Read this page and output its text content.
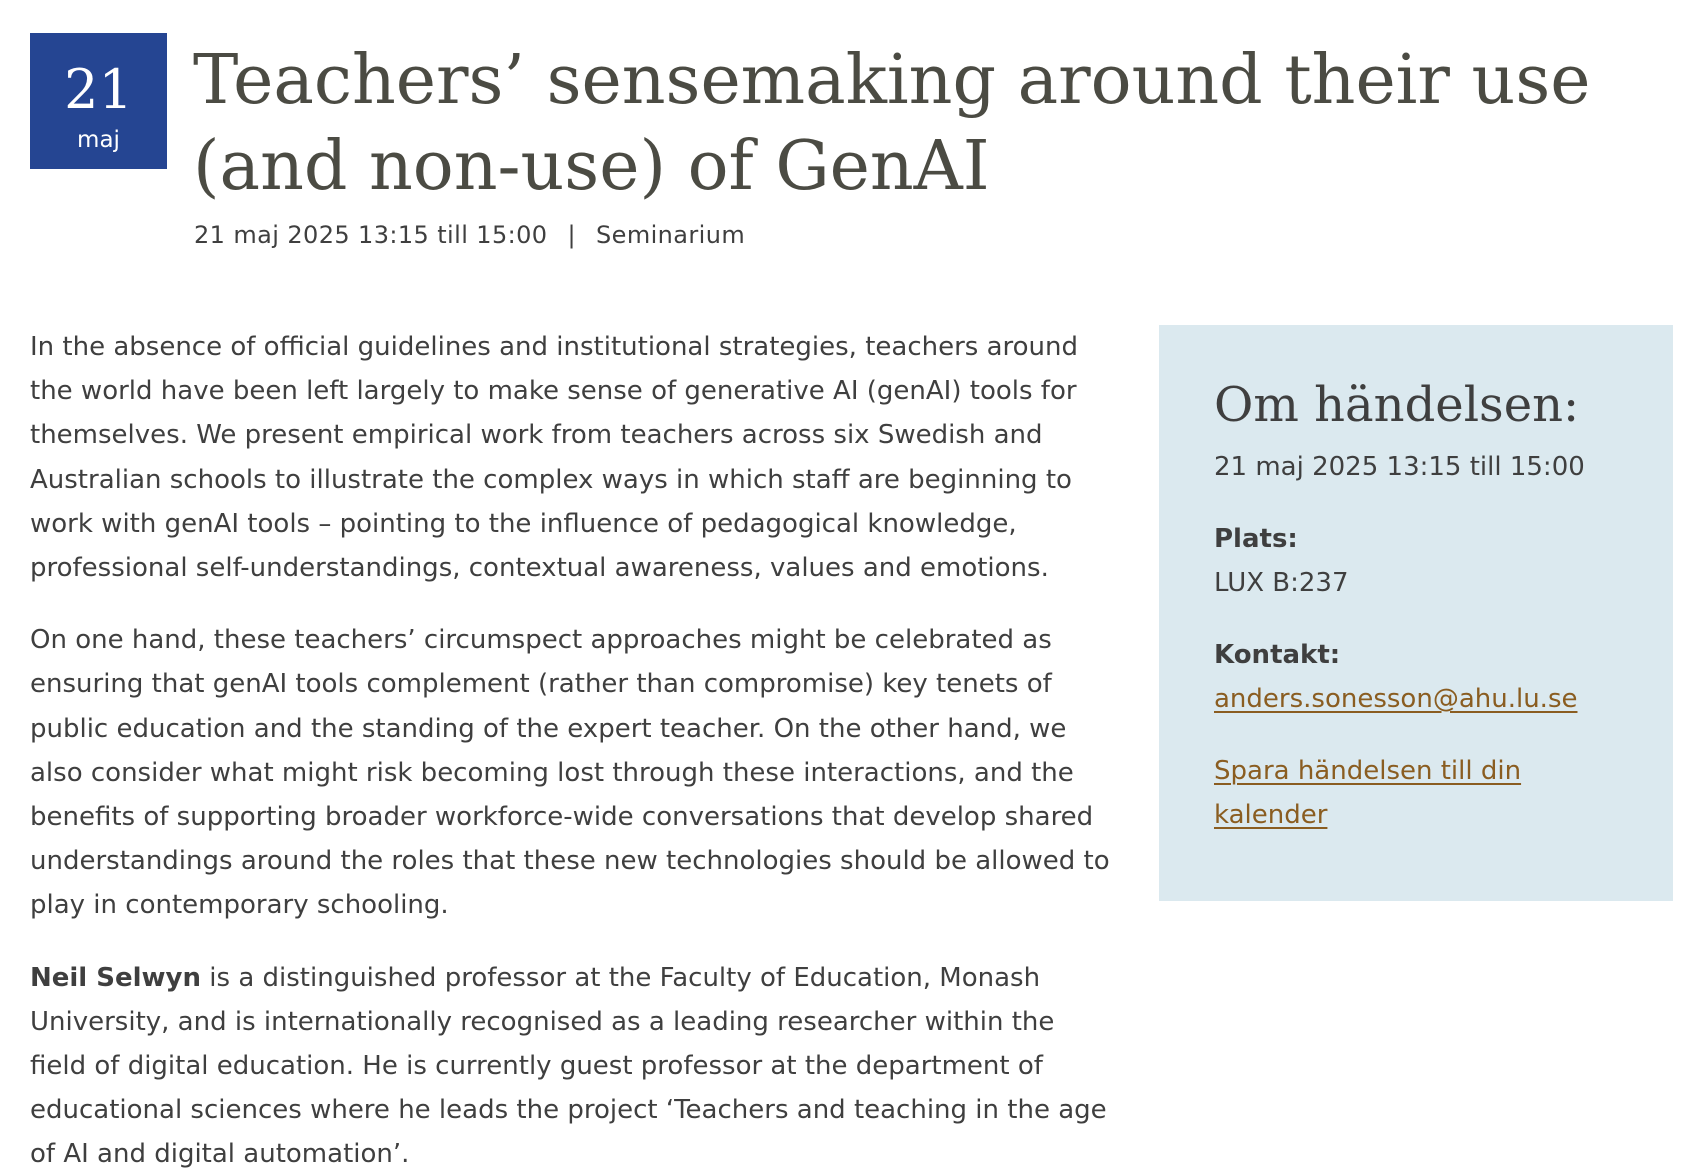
21
maj
Teachers’ sensemaking around their use (and non-use) of GenAI
21 maj 2025 13:15 till 15:00 | Seminarium

In the absence of official guidelines and institutional strategies, teachers around the world have been left largely to make sense of generative AI (genAI) tools for themselves. We present empirical work from teachers across six Swedish and Australian schools to illustrate the complex ways in which staff are beginning to work with genAI tools – pointing to the influence of pedagogical knowledge, professional self-understandings, contextual awareness, values and emotions.

On one hand, these teachers’ circumspect approaches might be celebrated as ensuring that genAI tools complement (rather than compromise) key tenets of public education and the standing of the expert teacher. On the other hand, we also consider what might risk becoming lost through these interactions, and the benefits of supporting broader workforce-wide conversations that develop shared understandings around the roles that these new technologies should be allowed to play in contemporary schooling.

Neil Selwyn is a distinguished professor at the Faculty of Education, Monash University, and is internationally recognised as a leading researcher within the field of digital education. He is currently guest professor at the department of educational sciences where he leads the project ‘Teachers and teaching in the age of AI and digital automation’.

Om händelsen:

21 maj 2025 13:15 till 15:00

Plats:

LUX B:237

Kontakt:

anders.sonesson@ahu.lu.se

Spara händelsen till din kalender
